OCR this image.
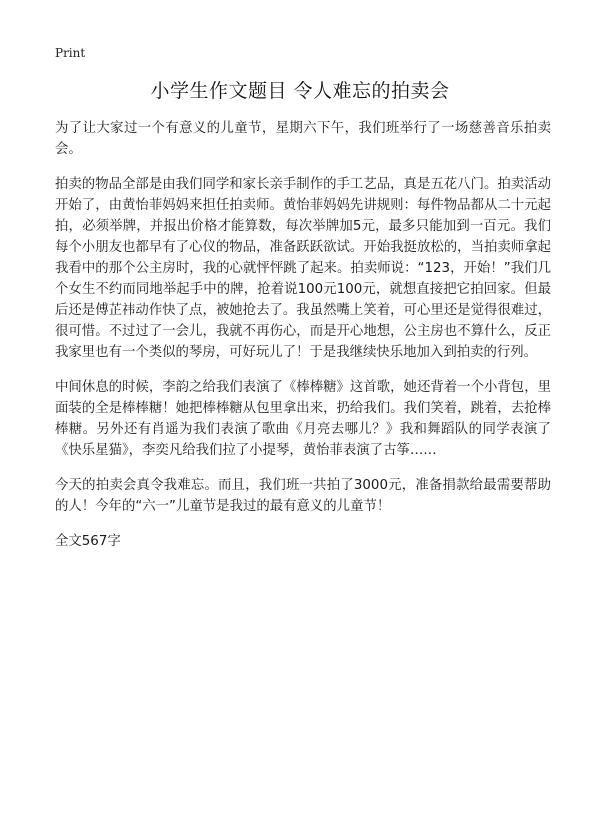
Print
小学生作文题目 令人难忘的拍卖会

为了让大家过一个有意义的儿童节，星期六下午，我们班举行了一场慈善音乐拍卖会。

拍卖的物品全部是由我们同学和家长亲手制作的手工艺品，真是五花八门。拍卖活动开始了，由黄怡菲妈妈来担任拍卖师。黄怡菲妈妈先讲规则：每件物品都从二十元起拍，必须举牌，并报出价格才能算数，每次举牌加5元，最多只能加到一百元。我们每个小朋友也都早有了心仪的物品，准备跃跃欲试。开始我挺放松的，当拍卖师拿起我看中的那个公主房时，我的心就怦怦跳了起来。拍卖师说：“123，开始！”我们几个女生不约而同地举起手中的牌，抢着说100元100元，就想直接把它拍回家。但最后还是傅芷祎动作快了点，被她抢去了。我虽然嘴上笑着，可心里还是觉得很难过，很可惜。不过过了一会儿，我就不再伤心，而是开心地想，公主房也不算什么，反正我家里也有一个类似的琴房，可好玩儿了！于是我继续快乐地加入到拍卖的行列。

中间休息的时候，李韵之给我们表演了《棒棒糖》这首歌，她还背着一个小背包，里面装的全是棒棒糖！她把棒棒糖从包里拿出来，扔给我们。我们笑着，跳着，去抢棒棒糖。另外还有肖遥为我们表演了歌曲《月亮去哪儿？》我和舞蹈队的同学表演了《快乐星猫》，李奕凡给我们拉了小提琴，黄怡菲表演了古筝……

今天的拍卖会真令我难忘。而且，我们班一共拍了3000元，准备捐款给最需要帮助的人！今年的“六一”儿童节是我过的最有意义的儿童节！

全文567字
